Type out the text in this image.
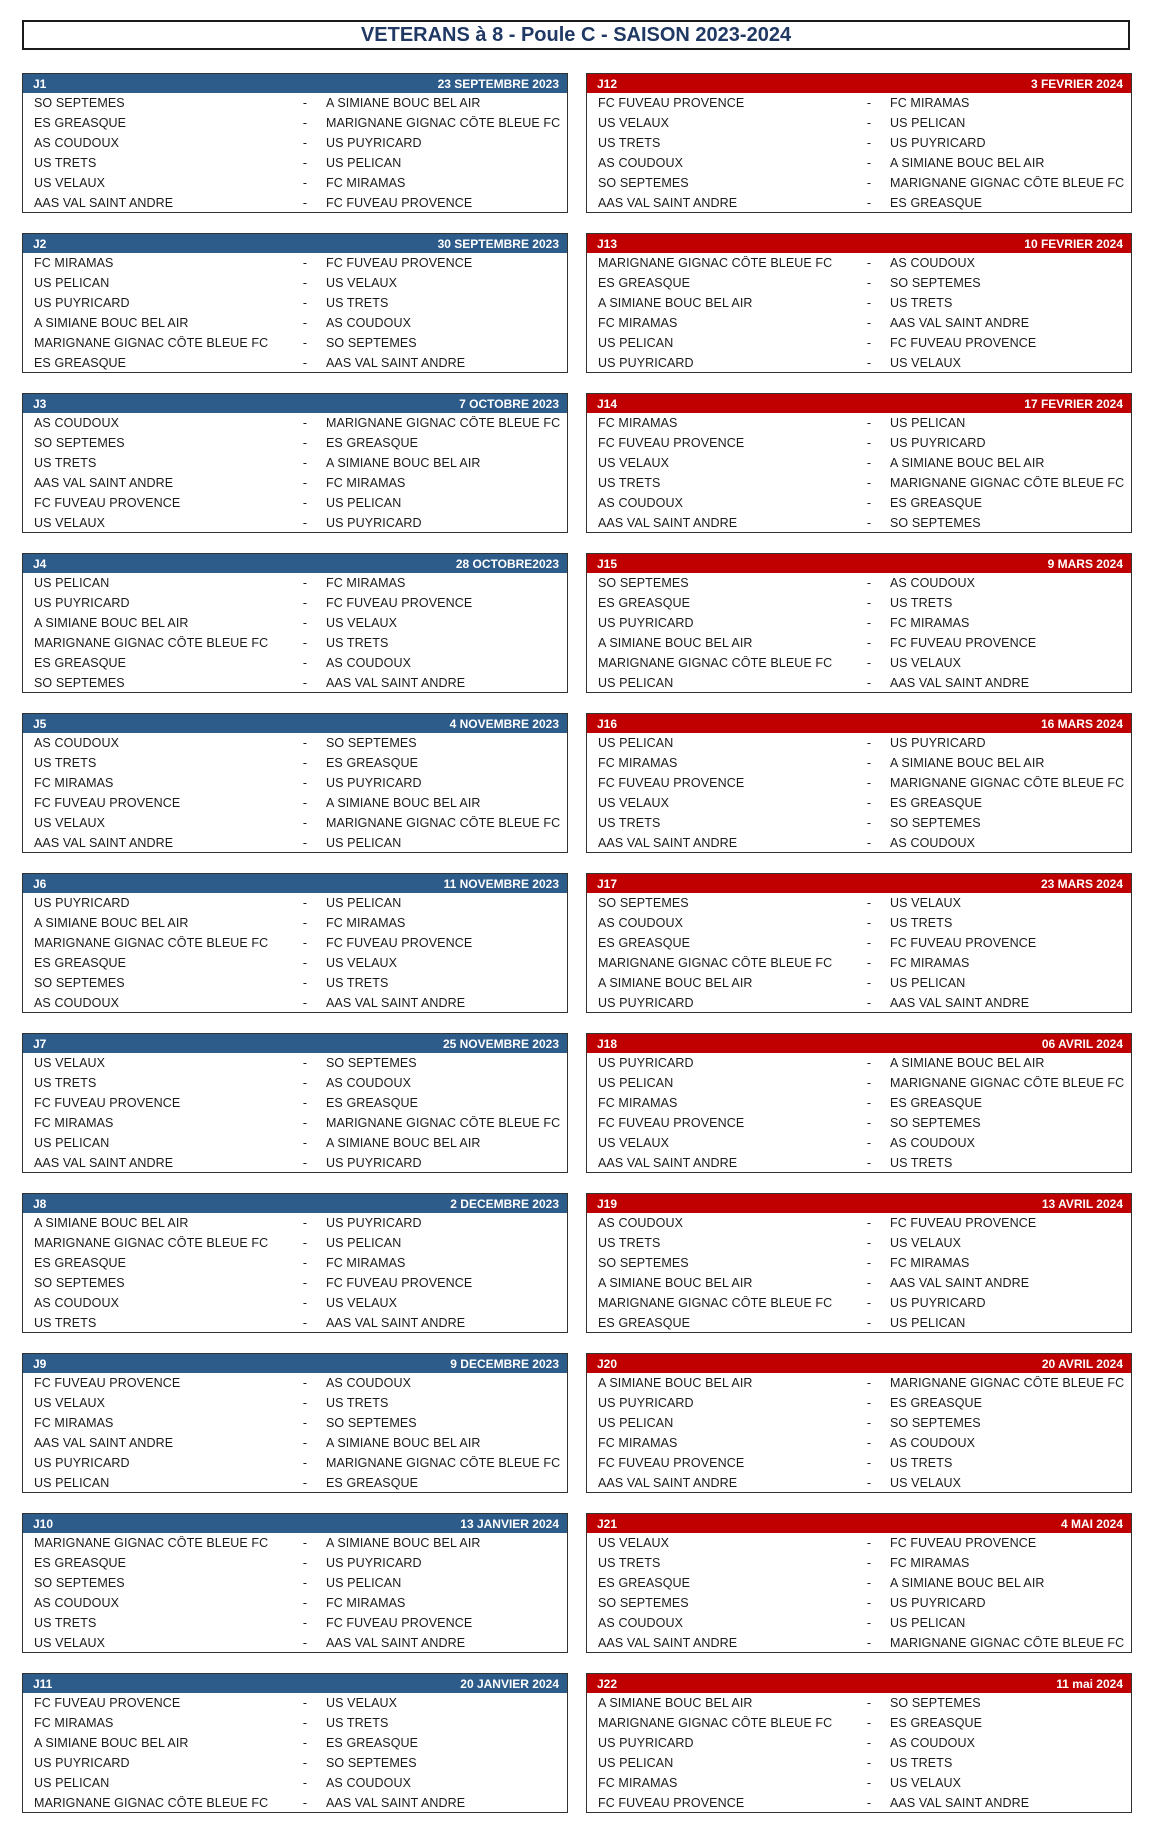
VETERANS à 8 - Poule C - SAISON 2023-2024
J1	23 SEPTEMBRE 2023
SO SEPTEMES	-	A SIMIANE BOUC BEL AIR
ES GREASQUE	-	MARIGNANE GIGNAC CÔTE BLEUE FC
AS COUDOUX	-	US PUYRICARD
US TRETS	-	US PELICAN
US VELAUX	-	FC MIRAMAS
AAS VAL SAINT ANDRE	-	FC FUVEAU PROVENCE
J12	3 FEVRIER 2024
FC FUVEAU PROVENCE	-	FC MIRAMAS
US VELAUX	-	US PELICAN
US TRETS	-	US PUYRICARD
AS COUDOUX	-	A SIMIANE BOUC BEL AIR
SO SEPTEMES	-	MARIGNANE GIGNAC CÔTE BLEUE FC
AAS VAL SAINT ANDRE	-	ES GREASQUE
J2	30 SEPTEMBRE 2023
FC MIRAMAS	-	FC FUVEAU PROVENCE
US PELICAN	-	US VELAUX
US PUYRICARD	-	US TRETS
A SIMIANE BOUC BEL AIR	-	AS COUDOUX
MARIGNANE GIGNAC CÔTE BLEUE FC	-	SO SEPTEMES
ES GREASQUE	-	AAS VAL SAINT ANDRE
J13	10 FEVRIER 2024
MARIGNANE GIGNAC CÔTE BLEUE FC	-	AS COUDOUX
ES GREASQUE	-	SO SEPTEMES
A SIMIANE BOUC BEL AIR	-	US TRETS
FC MIRAMAS	-	AAS VAL SAINT ANDRE
US PELICAN	-	FC FUVEAU PROVENCE
US PUYRICARD	-	US VELAUX
J3	7 OCTOBRE 2023
AS COUDOUX	-	MARIGNANE GIGNAC CÔTE BLEUE FC
SO SEPTEMES	-	ES GREASQUE
US TRETS	-	A SIMIANE BOUC BEL AIR
AAS VAL SAINT ANDRE	-	FC MIRAMAS
FC FUVEAU PROVENCE	-	US PELICAN
US VELAUX	-	US PUYRICARD
J14	17 FEVRIER 2024
FC MIRAMAS	-	US PELICAN
FC FUVEAU PROVENCE	-	US PUYRICARD
US VELAUX	-	A SIMIANE BOUC BEL AIR
US TRETS	-	MARIGNANE GIGNAC CÔTE BLEUE FC
AS COUDOUX	-	ES GREASQUE
AAS VAL SAINT ANDRE	-	SO SEPTEMES
J4	28 OCTOBRE2023
US PELICAN	-	FC MIRAMAS
US PUYRICARD	-	FC FUVEAU PROVENCE
A SIMIANE BOUC BEL AIR	-	US VELAUX
MARIGNANE GIGNAC CÔTE BLEUE FC	-	US TRETS
ES GREASQUE	-	AS COUDOUX
SO SEPTEMES	-	AAS VAL SAINT ANDRE
J15	9 MARS 2024
SO SEPTEMES	-	AS COUDOUX
ES GREASQUE	-	US TRETS
US PUYRICARD	-	FC MIRAMAS
A SIMIANE BOUC BEL AIR	-	FC FUVEAU PROVENCE
MARIGNANE GIGNAC CÔTE BLEUE FC	-	US VELAUX
US PELICAN	-	AAS VAL SAINT ANDRE
J5	4 NOVEMBRE 2023
AS COUDOUX	-	SO SEPTEMES
US TRETS	-	ES GREASQUE
FC MIRAMAS	-	US PUYRICARD
FC FUVEAU PROVENCE	-	A SIMIANE BOUC BEL AIR
US VELAUX	-	MARIGNANE GIGNAC CÔTE BLEUE FC
AAS VAL SAINT ANDRE	-	US PELICAN
J16	16 MARS 2024
US PELICAN	-	US PUYRICARD
FC MIRAMAS	-	A SIMIANE BOUC BEL AIR
FC FUVEAU PROVENCE	-	MARIGNANE GIGNAC CÔTE BLEUE FC
US VELAUX	-	ES GREASQUE
US TRETS	-	SO SEPTEMES
AAS VAL SAINT ANDRE	-	AS COUDOUX
J6	11 NOVEMBRE 2023
US PUYRICARD	-	US PELICAN
A SIMIANE BOUC BEL AIR	-	FC MIRAMAS
MARIGNANE GIGNAC CÔTE BLEUE FC	-	FC FUVEAU PROVENCE
ES GREASQUE	-	US VELAUX
SO SEPTEMES	-	US TRETS
AS COUDOUX	-	AAS VAL SAINT ANDRE
J17	23 MARS 2024
SO SEPTEMES	-	US VELAUX
AS COUDOUX	-	US TRETS
ES GREASQUE	-	FC FUVEAU PROVENCE
MARIGNANE GIGNAC CÔTE BLEUE FC	-	FC MIRAMAS
A SIMIANE BOUC BEL AIR	-	US PELICAN
US PUYRICARD	-	AAS VAL SAINT ANDRE
J7	25 NOVEMBRE 2023
US VELAUX	-	SO SEPTEMES
US TRETS	-	AS COUDOUX
FC FUVEAU PROVENCE	-	ES GREASQUE
FC MIRAMAS	-	MARIGNANE GIGNAC CÔTE BLEUE FC
US PELICAN	-	A SIMIANE BOUC BEL AIR
AAS VAL SAINT ANDRE	-	US PUYRICARD
J18	06 AVRIL 2024
US PUYRICARD	-	A SIMIANE BOUC BEL AIR
US PELICAN	-	MARIGNANE GIGNAC CÔTE BLEUE FC
FC MIRAMAS	-	ES GREASQUE
FC FUVEAU PROVENCE	-	SO SEPTEMES
US VELAUX	-	AS COUDOUX
AAS VAL SAINT ANDRE	-	US TRETS
J8	2 DECEMBRE 2023
A SIMIANE BOUC BEL AIR	-	US PUYRICARD
MARIGNANE GIGNAC CÔTE BLEUE FC	-	US PELICAN
ES GREASQUE	-	FC MIRAMAS
SO SEPTEMES	-	FC FUVEAU PROVENCE
AS COUDOUX	-	US VELAUX
US TRETS	-	AAS VAL SAINT ANDRE
J19	13 AVRIL 2024
AS COUDOUX	-	FC FUVEAU PROVENCE
US TRETS	-	US VELAUX
SO SEPTEMES	-	FC MIRAMAS
A SIMIANE BOUC BEL AIR	-	AAS VAL SAINT ANDRE
MARIGNANE GIGNAC CÔTE BLEUE FC	-	US PUYRICARD
ES GREASQUE	-	US PELICAN
J9	9 DECEMBRE 2023
FC FUVEAU PROVENCE	-	AS COUDOUX
US VELAUX	-	US TRETS
FC MIRAMAS	-	SO SEPTEMES
AAS VAL SAINT ANDRE	-	A SIMIANE BOUC BEL AIR
US PUYRICARD	-	MARIGNANE GIGNAC CÔTE BLEUE FC
US PELICAN	-	ES GREASQUE
J20	20 AVRIL 2024
A SIMIANE BOUC BEL AIR	-	MARIGNANE GIGNAC CÔTE BLEUE FC
US PUYRICARD	-	ES GREASQUE
US PELICAN	-	SO SEPTEMES
FC MIRAMAS	-	AS COUDOUX
FC FUVEAU PROVENCE	-	US TRETS
AAS VAL SAINT ANDRE	-	US VELAUX
J10	13 JANVIER 2024
MARIGNANE GIGNAC CÔTE BLEUE FC	-	A SIMIANE BOUC BEL AIR
ES GREASQUE	-	US PUYRICARD
SO SEPTEMES	-	US PELICAN
AS COUDOUX	-	FC MIRAMAS
US TRETS	-	FC FUVEAU PROVENCE
US VELAUX	-	AAS VAL SAINT ANDRE
J21	4 MAI 2024
US VELAUX	-	FC FUVEAU PROVENCE
US TRETS	-	FC MIRAMAS
ES GREASQUE	-	A SIMIANE BOUC BEL AIR
SO SEPTEMES	-	US PUYRICARD
AS COUDOUX	-	US PELICAN
AAS VAL SAINT ANDRE	-	MARIGNANE GIGNAC CÔTE BLEUE FC
J11	20 JANVIER 2024
FC FUVEAU PROVENCE	-	US VELAUX
FC MIRAMAS	-	US TRETS
A SIMIANE BOUC BEL AIR	-	ES GREASQUE
US PUYRICARD	-	SO SEPTEMES
US PELICAN	-	AS COUDOUX
MARIGNANE GIGNAC CÔTE BLEUE FC	-	AAS VAL SAINT ANDRE
J22	11 mai 2024
A SIMIANE BOUC BEL AIR	-	SO SEPTEMES
MARIGNANE GIGNAC CÔTE BLEUE FC	-	ES GREASQUE
US PUYRICARD	-	AS COUDOUX
US PELICAN	-	US TRETS
FC MIRAMAS	-	US VELAUX
FC FUVEAU PROVENCE	-	AAS VAL SAINT ANDRE
